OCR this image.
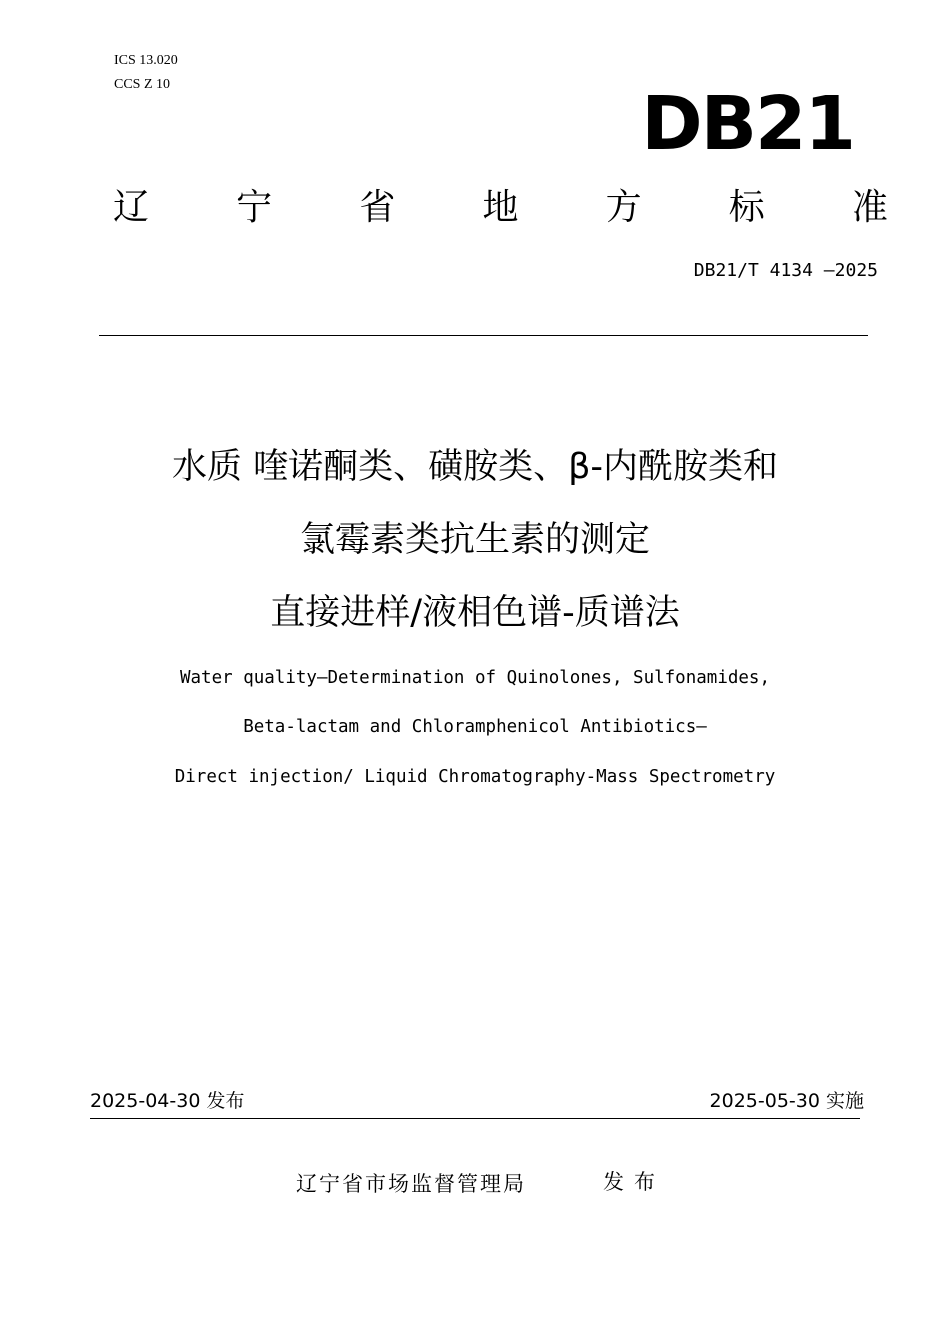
ICS 13.020
CCS Z 10	DB21
辽 宁 省 地 方 标 准
DB21/T 4134 —2025
水质 喹诺酮类、磺胺类、β-内酰胺类和
氯霉素类抗生素的测定
直接进样/液相色谱-质谱法
Water quality—Determination of Quinolones, Sulfonamides,
Beta-lactam and Chloramphenicol Antibiotics—
Direct injection/ Liquid Chromatography-Mass Spectrometry
2025-04-30 发布	2025-05-30 实施
辽宁省市场监督管理局	发布
